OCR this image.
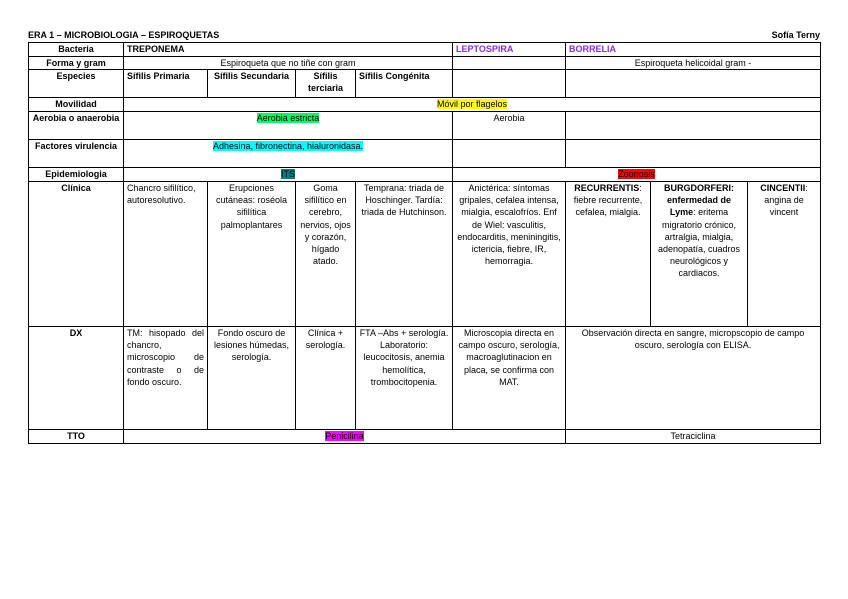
ERA 1 – MICROBIOLOGIA – ESPIROQUETAS	Sofía Terny
Bacteria	TREPONEMA				LEPTOSPIRA	BORRELIA		
Forma y gram	Espiroqueta que no tiñe con gram					Espiroqueta helicoidal gram -		
Especies	Sífilis Primaria	Sífilis Secundaria	Sífilis terciaria	Sífilis Congénita				
Movilidad	Móvil por flagelos							
Aerobia o anaerobia	Aerobia estricta				Aerobia			
Factores virulencia	Adhesina, fibronectina, hialuronidasa.							
Epidemiologia	ITS				Zoonosis			
Clínica	Chancro sifilítico, autoresolutivo.	Erupciones cutáneas: roséola sifilítica palmoplantares	Goma sifilítico en cerebro, nervios, ojos y corazón, hígado atado.	Temprana: triada de Hoschinger. Tardía: triada de Hutchinson.	Anictérica: síntomas gripales, cefalea intensa, mialgia, escalofríos. Enf de Wiel: vasculitis, endocarditis, meniningitis, ictericia, fiebre, IR, hemorragia.	RECURRENTIS: fiebre recurrente, cefalea, mialgia.	BURGDORFERI: enfermedad de Lyme: eritema migratorio crónico, artralgia, mialgia, adenopatía, cuadros neurológicos y cardiacos.	CINCENTII: angina de vincent
DX	TM: hisopado del chancro, microscopio de contraste o de fondo oscuro.	Fondo oscuro de lesiones húmedas, serología.	Clínica + serología.	FTA –Abs + serología. Laboratorio: leucocitosis, anemia hemolítica, trombocitopenia.	Microscopia directa en campo oscuro, serología, macroaglutinacion en placa, se confirma con MAT.	Observación directa en sangre, micropscopio de campo oscuro, serología con ELISA.		
TTO	Penicilina					Tetraciclina		
